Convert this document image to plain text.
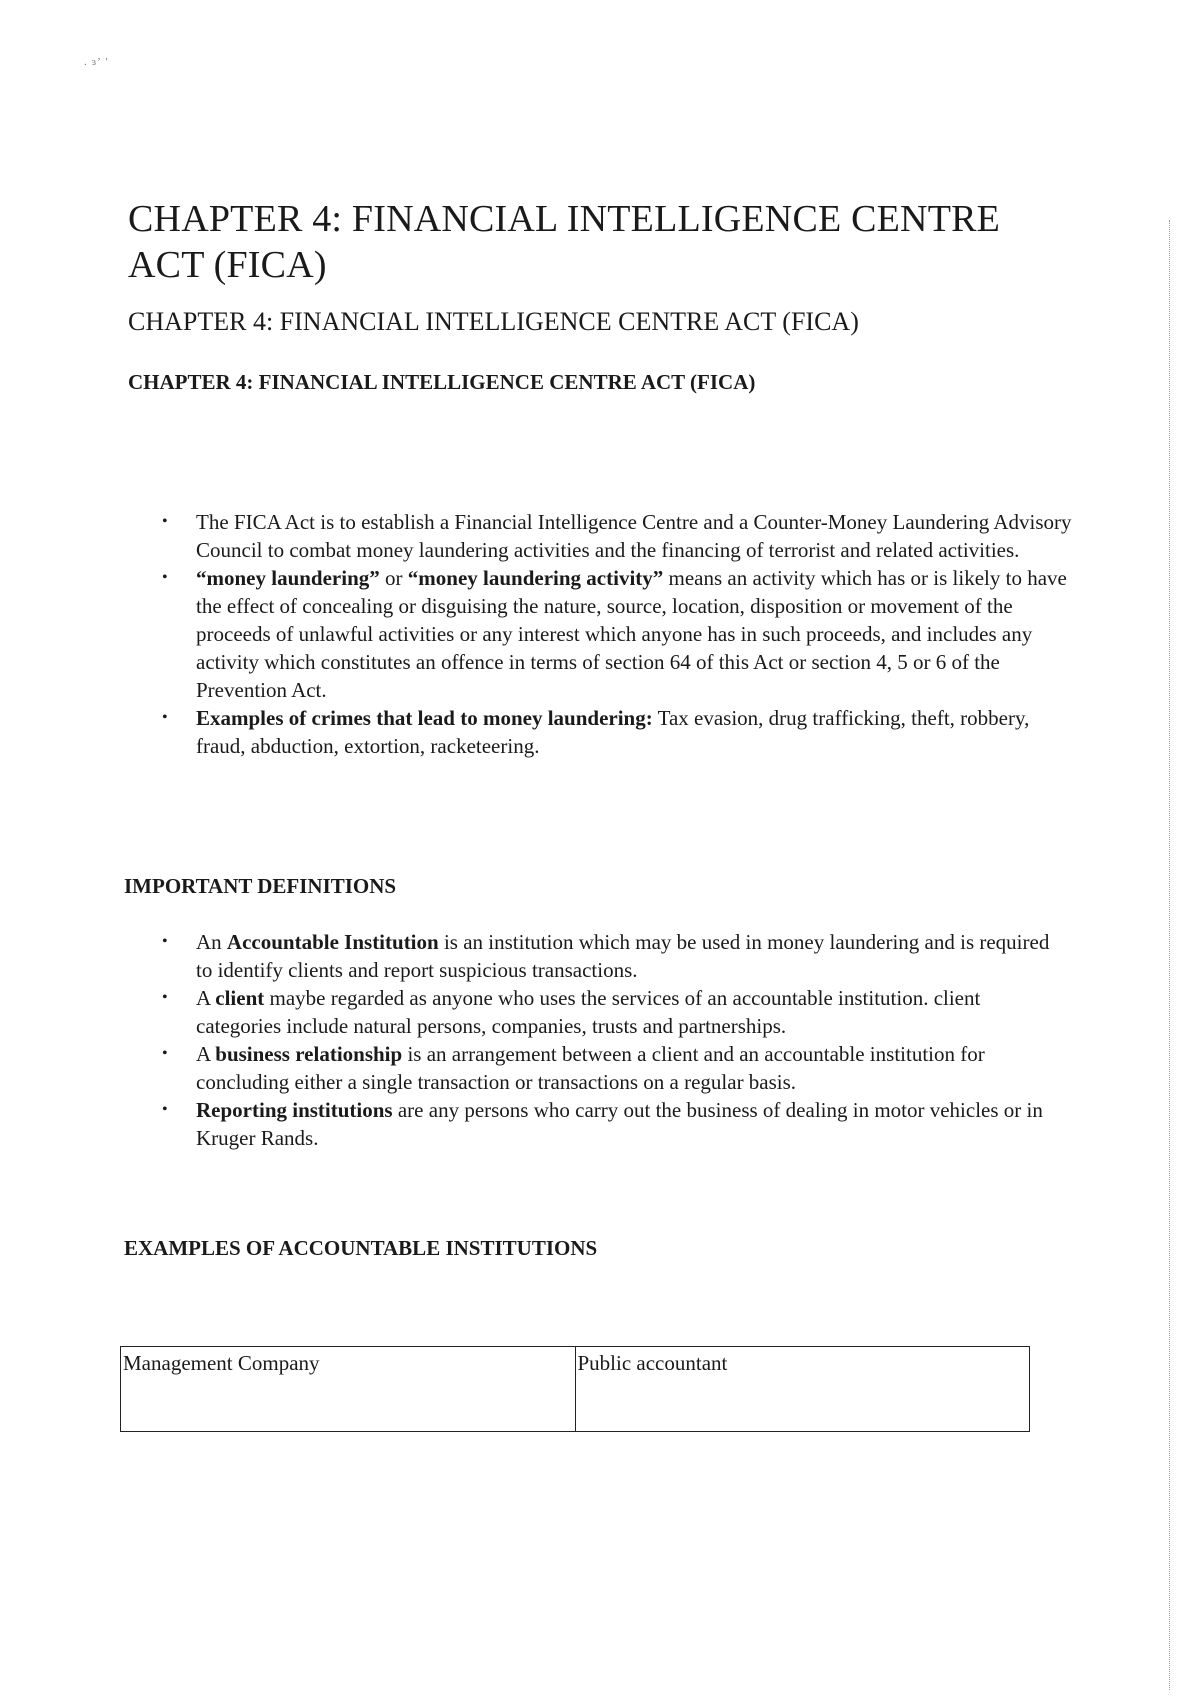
. ɜʼ '
CHAPTER 4: FINANCIAL INTELLIGENCE CENTRE ACT (FICA)
CHAPTER 4: FINANCIAL INTELLIGENCE CENTRE ACT (FICA)
CHAPTER 4: FINANCIAL INTELLIGENCE CENTRE ACT (FICA)
• The FICA Act is to establish a Financial Intelligence Centre and a Counter-Money Laundering Advisory Council to combat money laundering activities and the financing of terrorist and related activities.
• “money laundering” or “money laundering activity” means an activity which has or is likely to have the effect of concealing or disguising the nature, source, location, disposition or movement of the proceeds of unlawful activities or any interest which anyone has in such proceeds, and includes any activity which constitutes an offence in terms of section 64 of this Act or section 4, 5 or 6 of the Prevention Act.
• Examples of crimes that lead to money laundering: Tax evasion, drug trafficking, theft, robbery, fraud, abduction, extortion, racketeering.
IMPORTANT DEFINITIONS
• An Accountable Institution is an institution which may be used in money laundering and is required to identify clients and report suspicious transactions.
• A client maybe regarded as anyone who uses the services of an accountable institution. client categories include natural persons, companies, trusts and partnerships.
• A business relationship is an arrangement between a client and an accountable institution for concluding either a single transaction or transactions on a regular basis.
• Reporting institutions are any persons who carry out the business of dealing in motor vehicles or in Kruger Rands.
EXAMPLES OF ACCOUNTABLE INSTITUTIONS
Management Company	Public accountant
